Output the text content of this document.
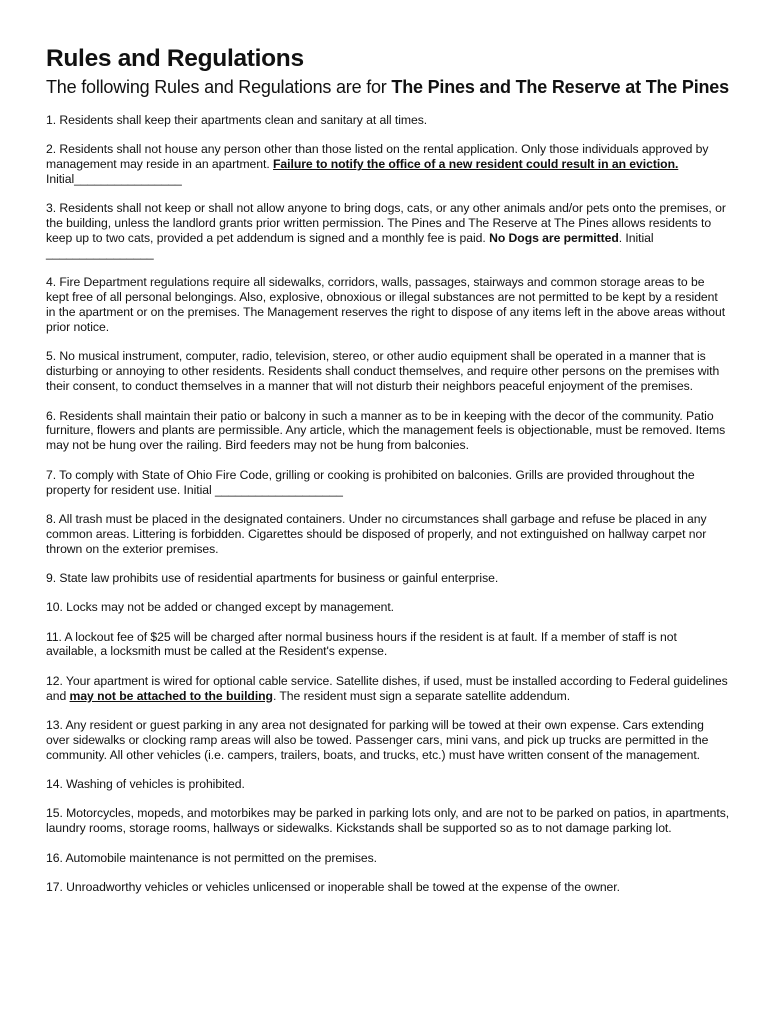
Rules and Regulations

The following Rules and Regulations are for The Pines and The Reserve at The Pines

1. Residents shall keep their apartments clean and sanitary at all times.

2. Residents shall not house any person other than those listed on the rental application. Only those individuals approved by management may reside in an apartment. Failure to notify the office of a new resident could result in an eviction.
Initial________________

3. Residents shall not keep or shall not allow anyone to bring dogs, cats, or any other animals and/or pets onto the premises, or the building, unless the landlord grants prior written permission. The Pines and The Reserve at The Pines allows residents to keep up to two cats, provided a pet addendum is signed and a monthly fee is paid. No Dogs are permitted. Initial ________________

4. Fire Department regulations require all sidewalks, corridors, walls, passages, stairways and common storage areas to be kept free of all personal belongings. Also, explosive, obnoxious or illegal substances are not permitted to be kept by a resident in the apartment or on the premises. The Management reserves the right to dispose of any items left in the above areas without prior notice.

5. No musical instrument, computer, radio, television, stereo, or other audio equipment shall be operated in a manner that is disturbing or annoying to other residents. Residents shall conduct themselves, and require other persons on the premises with their consent, to conduct themselves in a manner that will not disturb their neighbors peaceful enjoyment of the premises.

6. Residents shall maintain their patio or balcony in such a manner as to be in keeping with the decor of the community. Patio furniture, flowers and plants are permissible. Any article, which the management feels is objectionable, must be removed. Items may not be hung over the railing. Bird feeders may not be hung from balconies.

7. To comply with State of Ohio Fire Code, grilling or cooking is prohibited on balconies. Grills are provided throughout the property for resident use. Initial ___________________

8. All trash must be placed in the designated containers. Under no circumstances shall garbage and refuse be placed in any common areas. Littering is forbidden. Cigarettes should be disposed of properly, and not extinguished on hallway carpet nor thrown on the exterior premises.

9. State law prohibits use of residential apartments for business or gainful enterprise.

10. Locks may not be added or changed except by management.

11. A lockout fee of $25 will be charged after normal business hours if the resident is at fault. If a member of staff is not available, a locksmith must be called at the Resident's expense.

12. Your apartment is wired for optional cable service. Satellite dishes, if used, must be installed according to Federal guidelines and may not be attached to the building. The resident must sign a separate satellite addendum.

13. Any resident or guest parking in any area not designated for parking will be towed at their own expense. Cars extending over sidewalks or clocking ramp areas will also be towed. Passenger cars, mini vans, and pick up trucks are permitted in the community. All other vehicles (i.e. campers, trailers, boats, and trucks, etc.) must have written consent of the management.

14. Washing of vehicles is prohibited.

15. Motorcycles, mopeds, and motorbikes may be parked in parking lots only, and are not to be parked on patios, in apartments, laundry rooms, storage rooms, hallways or sidewalks. Kickstands shall be supported so as to not damage parking lot.

16. Automobile maintenance is not permitted on the premises.

17. Unroadworthy vehicles or vehicles unlicensed or inoperable shall be towed at the expense of the owner.
